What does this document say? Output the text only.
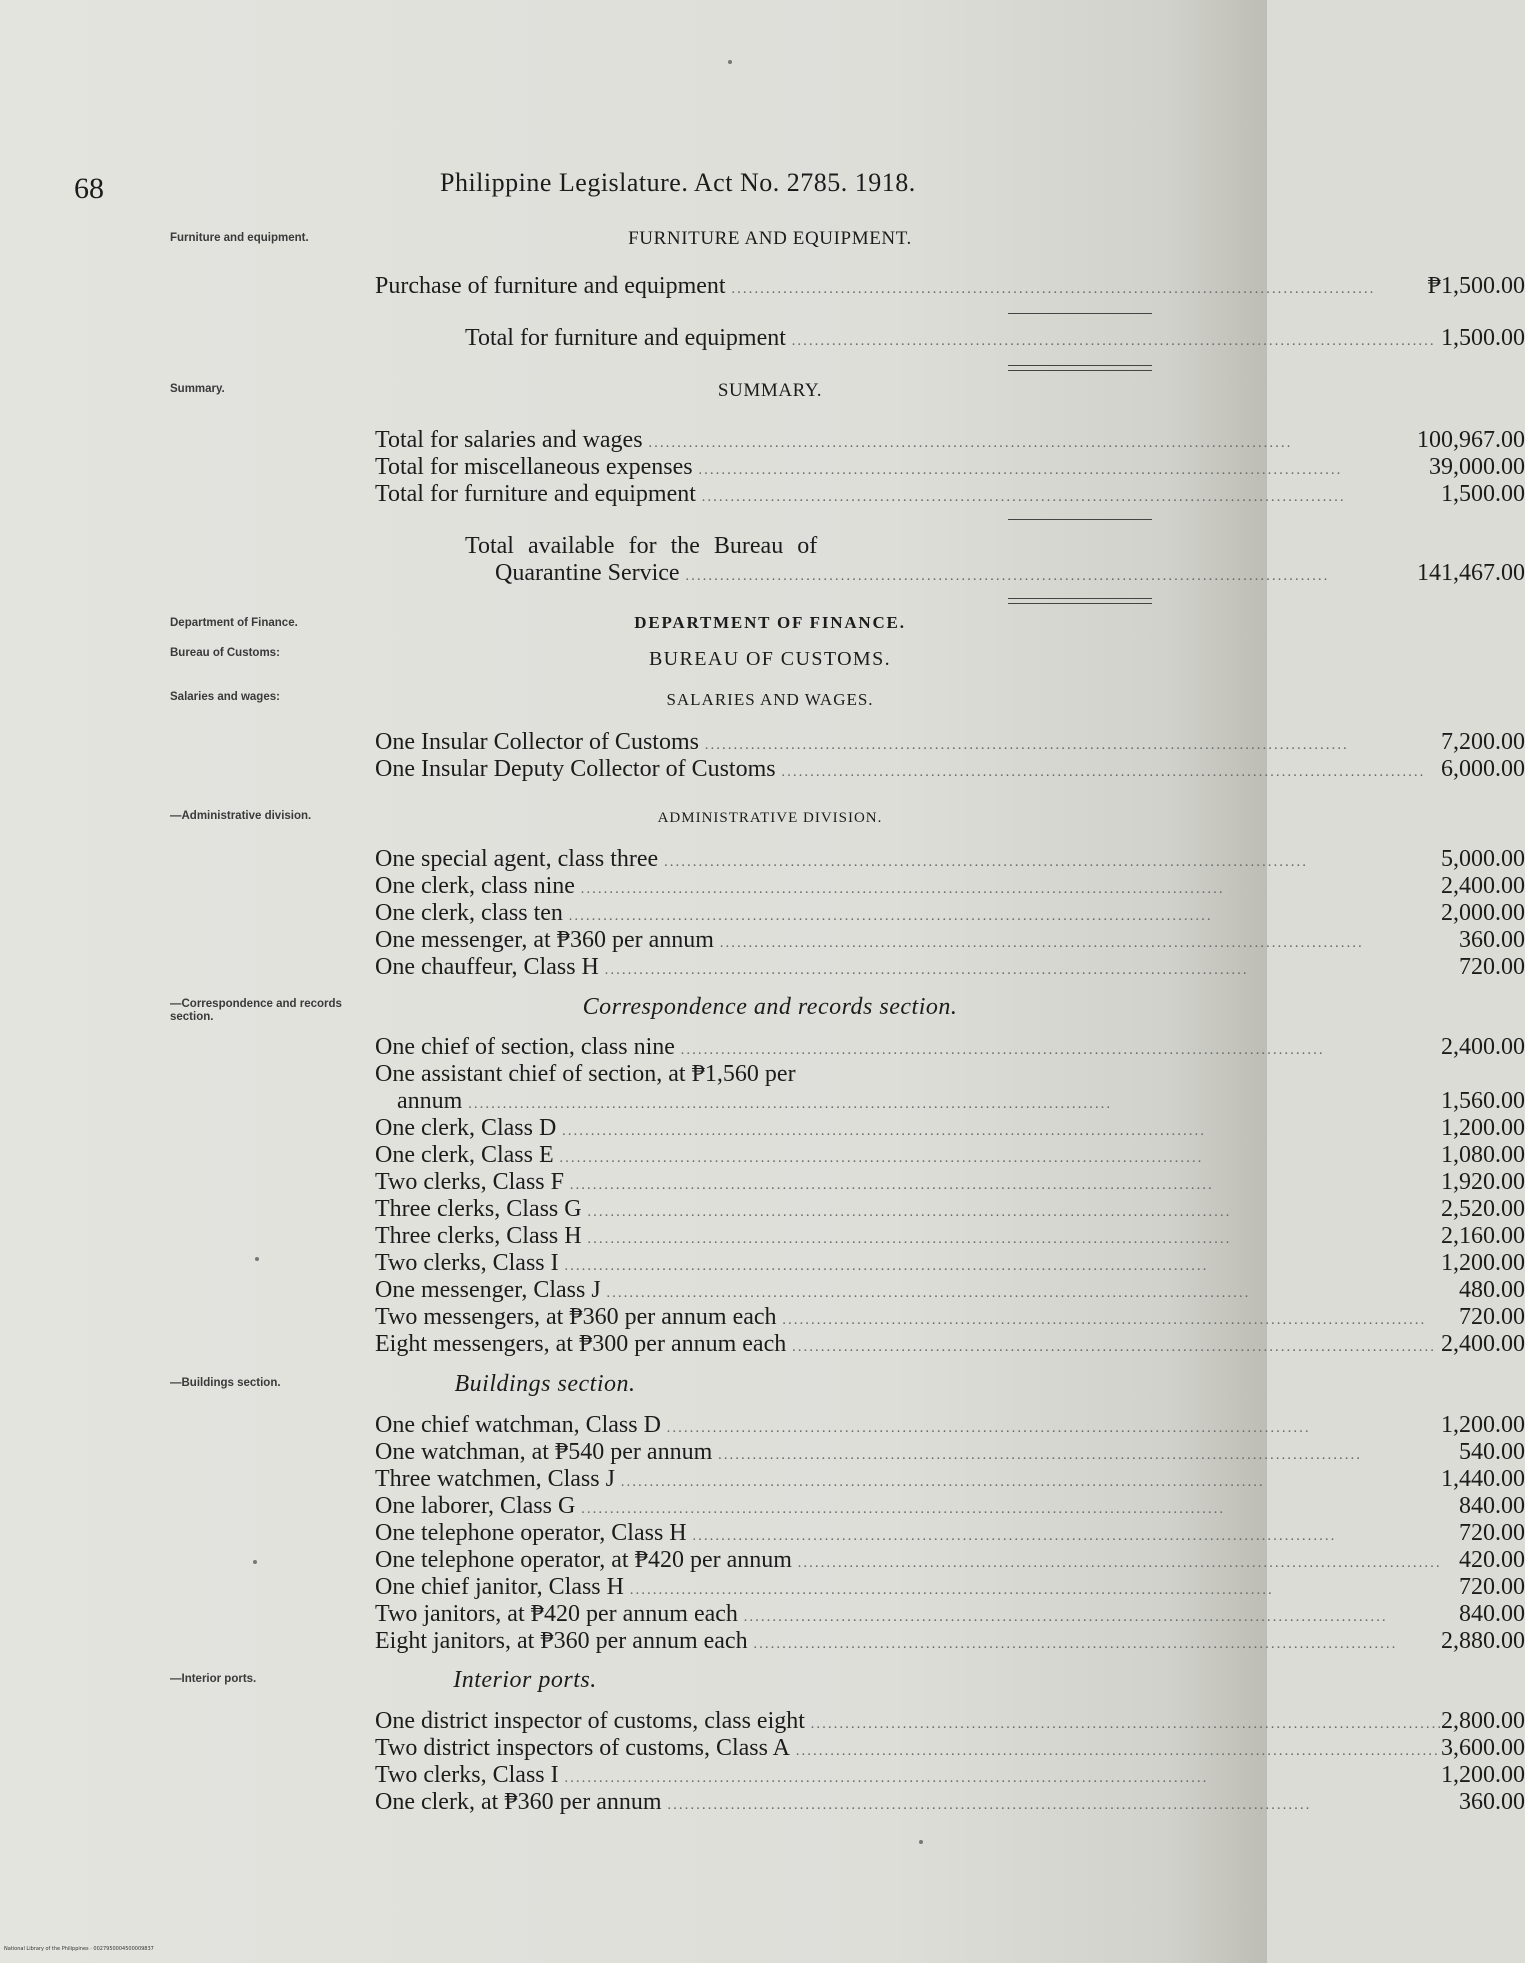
68	Philippine Legislature. Act No. 2785. 1918.
Furniture and equipment.	FURNITURE AND EQUIPMENT.
Purchase of furniture and equipment .....	₱1,500.00
Total for furniture and equipment .....	1,500.00
Summary.	SUMMARY.
Total for salaries and wages .....	100,967.00
Total for miscellaneous expenses .....	39,000.00
Total for furniture and equipment .....	1,500.00
Total available for the Bureau of
Quarantine Service .....	141,467.00
Department of Finance.
Bureau of Customs:
Salaries and wages:
DEPARTMENT OF FINANCE.
BUREAU OF CUSTOMS.
SALARIES AND WAGES.
One Insular Collector of Customs .....	7,200.00
One Insular Deputy Collector of Customs .....	6,000.00
—Administrative division.	ADMINISTRATIVE DIVISION.
One special agent, class three .....	5,000.00
One clerk, class nine .....	2,400.00
One clerk, class ten .....	2,000.00
One messenger, at ₱360 per annum .....	360.00
One chauffeur, Class H .....	720.00
—Correspondence and records section.	Correspondence and records section.
One chief of section, class nine .....	2,400.00
One assistant chief of section, at ₱1,560 per
annum .....	1,560.00
One clerk, Class D .....	1,200.00
One clerk, Class E .....	1,080.00
Two clerks, Class F .....	1,920.00
Three clerks, Class G .....	2,520.00
Three clerks, Class H .....	2,160.00
Two clerks, Class I .....	1,200.00
One messenger, Class J .....	480.00
Two messengers, at ₱360 per annum each .....	720.00
Eight messengers, at ₱300 per annum each .....	2,400.00
—Buildings section.	Buildings section.
One chief watchman, Class D .....	1,200.00
One watchman, at ₱540 per annum .....	540.00
Three watchmen, Class J .....	1,440.00
One laborer, Class G .....	840.00
One telephone operator, Class H .....	720.00
One telephone operator, at ₱420 per annum .....	420.00
One chief janitor, Class H .....	720.00
Two janitors, at ₱420 per annum each .....	840.00
Eight janitors, at ₱360 per annum each .....	2,880.00
—Interior ports.	Interior ports.
One district inspector of customs, class eight .....	2,800.00
Two district inspectors of customs, Class A .....	3,600.00
Two clerks, Class I .....	1,200.00
One clerk, at ₱360 per annum .....	360.00
National Library of the Philippines · 0027950004500009837
